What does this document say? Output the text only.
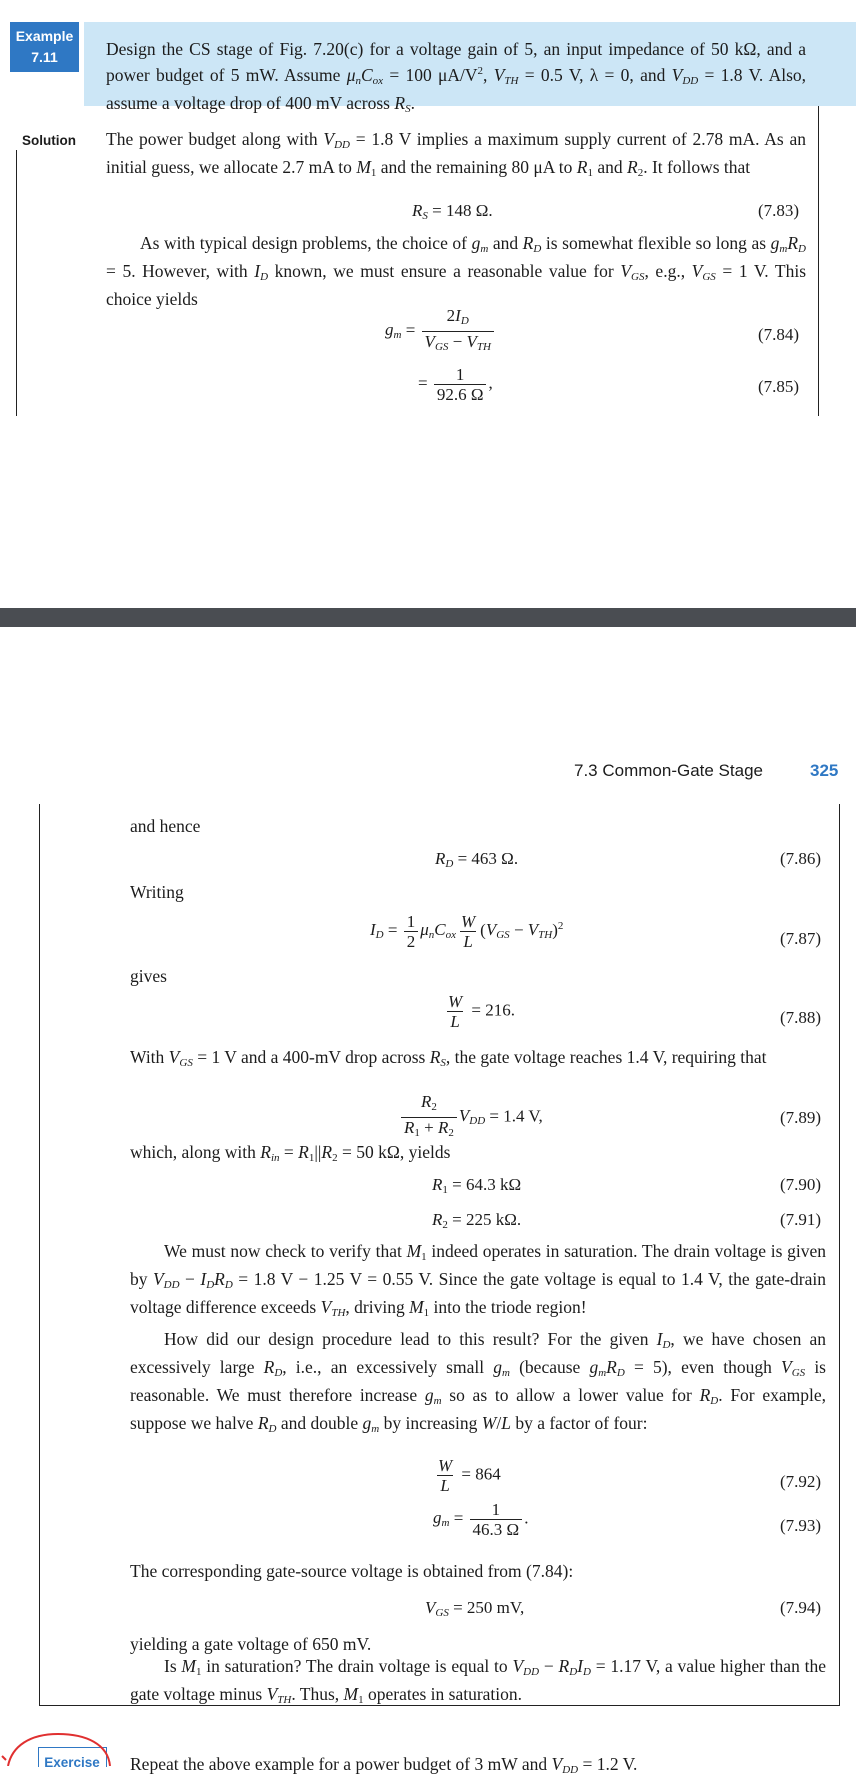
Example
7.11	Design the CS stage of Fig. 7.20(c) for a voltage gain of 5, an input impedance of 50 kΩ, and a power budget of 5 mW. Assume $\mu_nC_{ox} = 100$ $\mu A/V^2$, $V_{TH} = 0.5$ V, λ = 0, and $V_{DD} = 1.8$ V. Also, assume a voltage drop of 400 mV across $R_S$.
Solution The power budget along with $V_{DD} = 1.8$ V implies a maximum supply current of 2.78 mA. As an initial guess, we allocate 2.7 mA to $M_1$ and the remaining 80 μA to $R_1$ and $R_2$. It follows that
$R_S = 148$ Ω.	(7.83)
As with typical design problems, the choice of $g_m$ and $R_D$ is somewhat flexible so long as $g_mR_D = 5$. However, with $I_D$ known, we must ensure a reasonable value for $V_{GS}$, e.g., $V_{GS} = 1$ V. This choice yields
$g_m = \frac{2I_D}{V_{GS} - V_{TH}}$	(7.84)
= $\frac{1}{92.6 \Omega}$ ,	(7.85)
7.3 Common-Gate Stage	325
and hence
$R_D = 463$ Ω.	(7.86)
Writing
$I_D = \frac{1}{2} \mu_nC_{ox} \frac{W}{L} (V_{GS} - V_{TH})^2$
(7.87)
gives
$\frac{W}{L} = 216$.	(7.88)
With $V_{GS} = 1$ V and a 400-mV drop across $R_S$, the gate voltage reaches 1.4 V, requiring that
$\frac{R_2}{R_1 + R_2} V_{DD} = 1.4$ V,	(7.89)
which, along with $R_{in} = R_1||R_2 = 50$ kΩ, yields
$R_1 = 64.3$ kΩ	(7.90)
$R_2 = 225$ kΩ.	(7.91)
We must now check to verify that $M_1$ indeed operates in saturation. The drain voltage is given by $V_{DD} - I_DR_D = 1.8$ V − 1.25 V = 0.55 V. Since the gate voltage is equal to 1.4 V, the gate-drain voltage difference exceeds $V_{TH}$, driving $M_1$ into the triode region!
How did our design procedure lead to this result? For the given $I_D$, we have chosen an excessively large $R_D$, i.e., an excessively small $g_m$ (because $g_mR_D = 5$), even though $V_{GS}$ is reasonable. We must therefore increase $g_m$ so as to allow a lower value for $R_D$. For example, suppose we halve $R_D$ and double $g_m$ by increasing W/L by a factor of four:
$\frac{W}{L} = 864$	(7.92)
$g_m = \frac{1}{46.3 \Omega}$ .	(7.93)
The corresponding gate-source voltage is obtained from (7.84):
$V_{GS} = 250$ mV,	(7.94)
yielding a gate voltage of 650 mV.
Is $M_1$ in saturation? The drain voltage is equal to $V_{DD} - R_DI_D = 1.17$ V, a value higher than the gate voltage minus $V_{TH}$. Thus, $M_1$ operates in saturation.
Exercise Repeat the above example for a power budget of 3 mW and $V_{DD} = 1.2$ V.
